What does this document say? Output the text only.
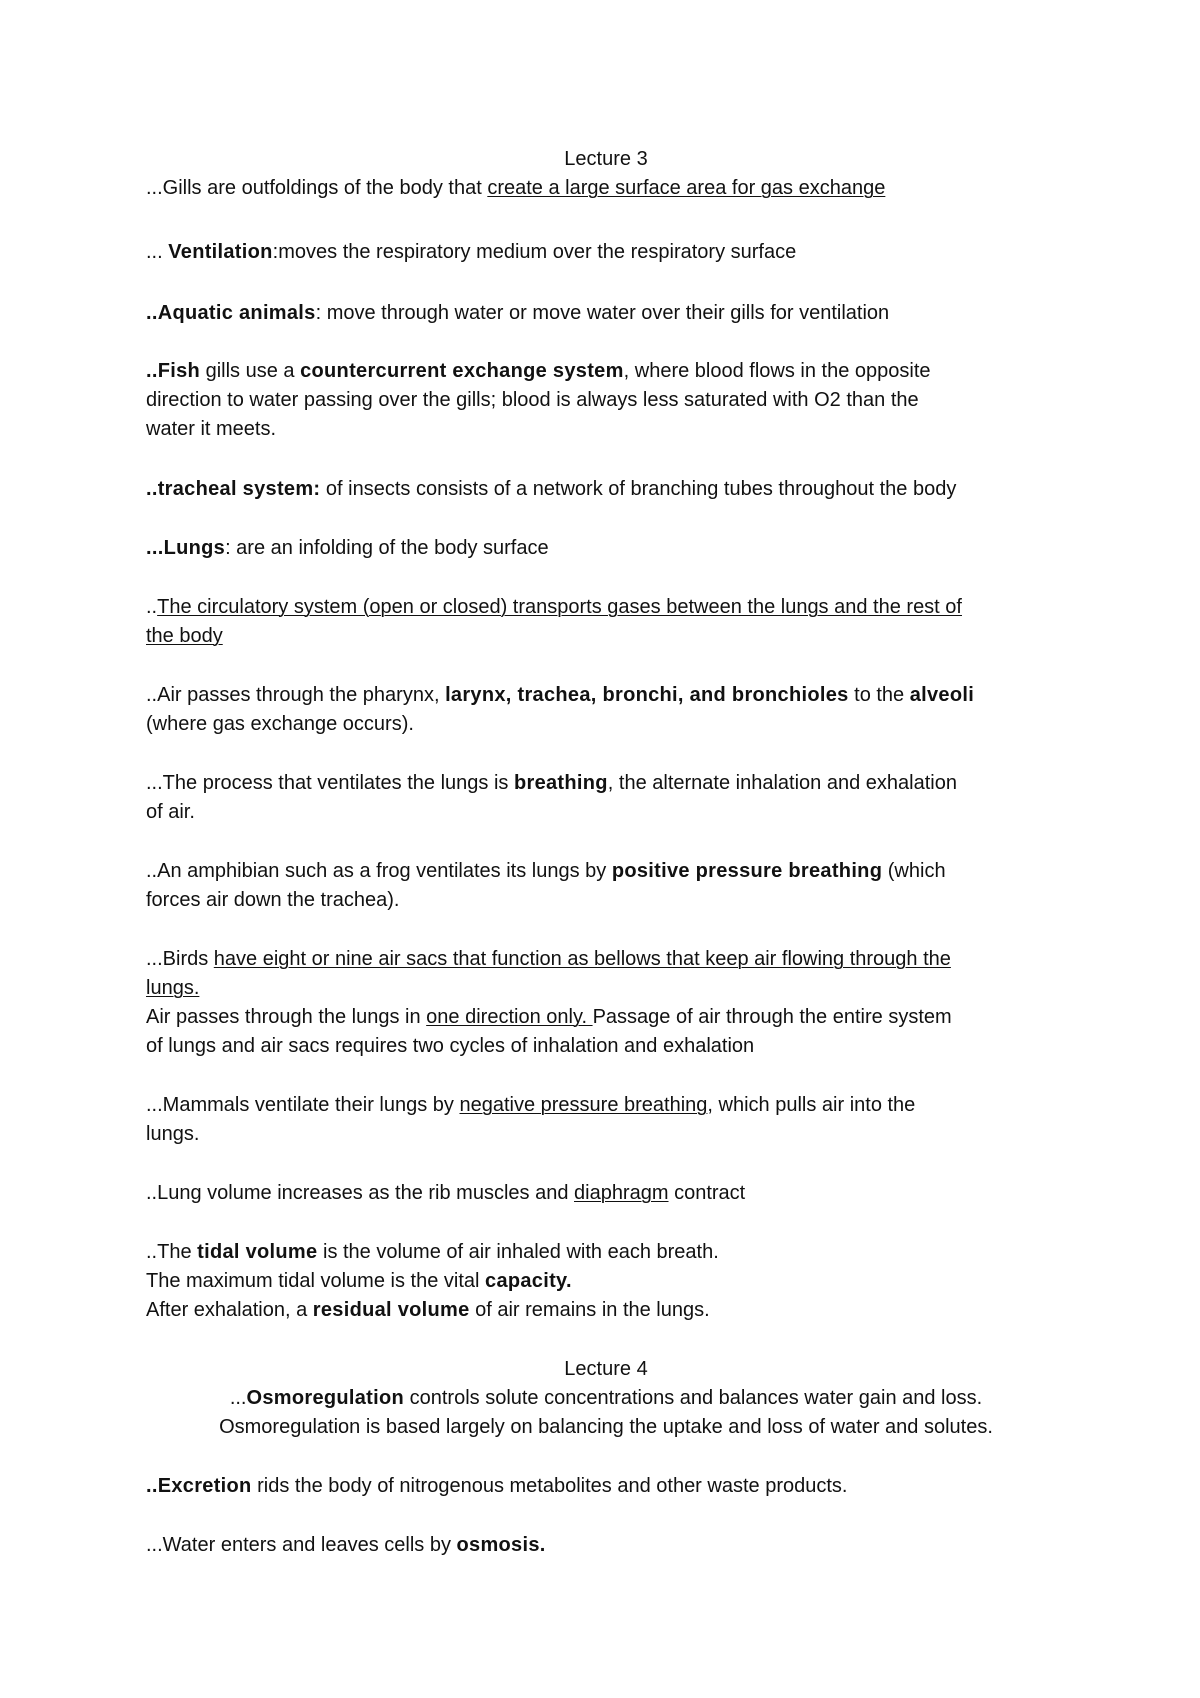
Lecture 3
...Gills are outfoldings of the body that create a large surface area for gas exchange
... Ventilation:moves the respiratory medium over the respiratory surface
..Aquatic animals: move through water or move water over their gills for ventilation
..Fish gills use a countercurrent exchange system, where blood flows in the opposite
direction to water passing over the gills; blood is always less saturated with O2 than the
water it meets.
..tracheal system: of insects consists of a network of branching tubes throughout the body
...Lungs: are an infolding of the body surface
..The circulatory system (open or closed) transports gases between the lungs and the rest of
the body
..Air passes through the pharynx, larynx, trachea, bronchi, and bronchioles to the alveoli
(where gas exchange occurs).
...The process that ventilates the lungs is breathing, the alternate inhalation and exhalation
of air.
..An amphibian such as a frog ventilates its lungs by positive pressure breathing (which
forces air down the trachea).
...Birds have eight or nine air sacs that function as bellows that keep air flowing through the
lungs.
Air passes through the lungs in one direction only. Passage of air through the entire system
of lungs and air sacs requires two cycles of inhalation and exhalation
...Mammals ventilate their lungs by negative pressure breathing, which pulls air into the
lungs.
..Lung volume increases as the rib muscles and diaphragm contract
..The tidal volume is the volume of air inhaled with each breath.
The maximum tidal volume is the vital capacity.
After exhalation, a residual volume of air remains in the lungs.
Lecture 4
...Osmoregulation controls solute concentrations and balances water gain and loss.
Osmoregulation is based largely on balancing the uptake and loss of water and solutes.
..Excretion rids the body of nitrogenous metabolites and other waste products.
...Water enters and leaves cells by osmosis.
